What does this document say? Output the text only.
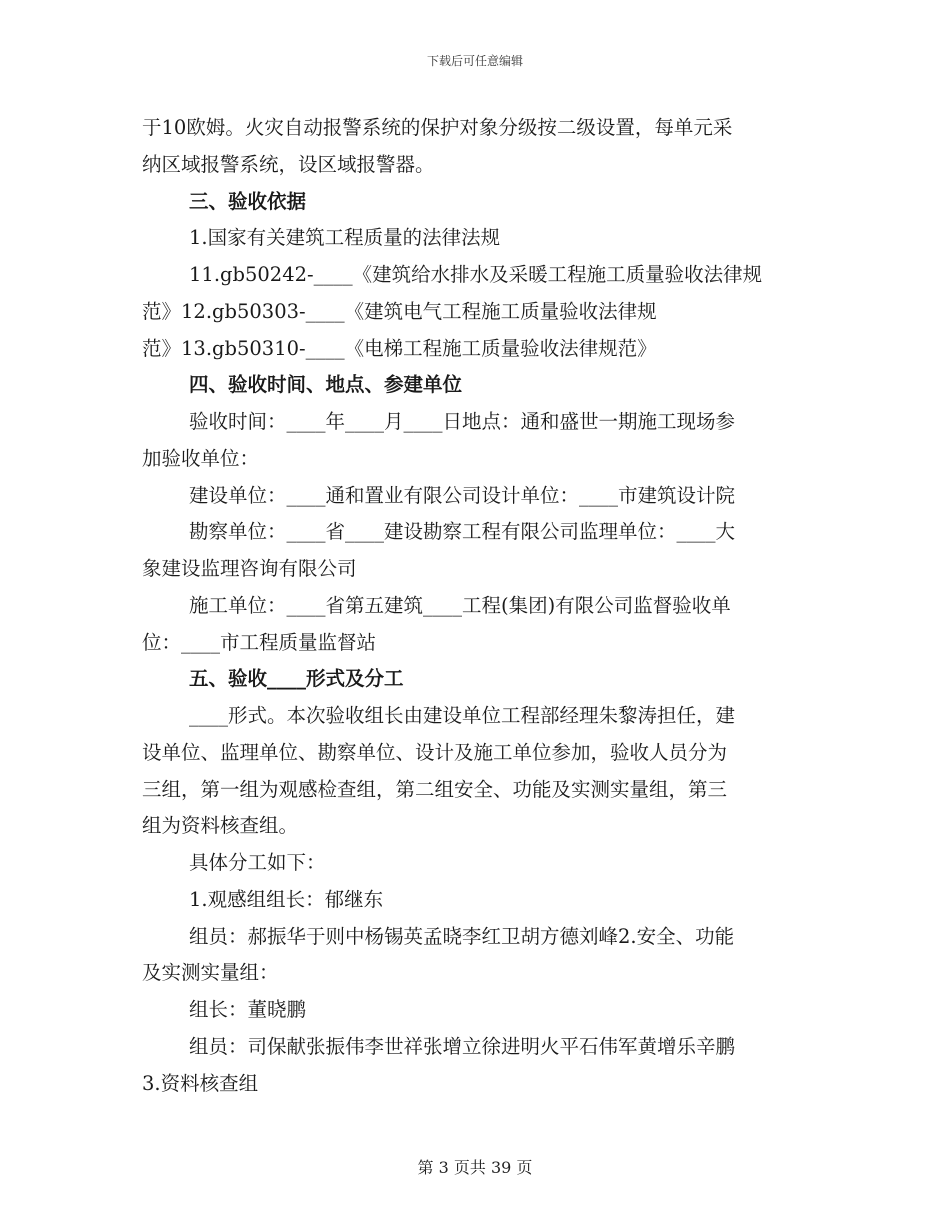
下载后可任意编辑
于10欧姆。火灾自动报警系统的保护对象分级按二级设置，每单元采
纳区域报警系统，设区域报警器。
三、验收依据
1.国家有关建筑工程质量的法律法规
11.gb50242-____《建筑给水排水及采暖工程施工质量验收法律规
范》12.gb50303-____《建筑电气工程施工质量验收法律规
范》13.gb50310-____《电梯工程施工质量验收法律规范》
四、验收时间、地点、参建单位
验收时间：____年____月____日地点：通和盛世一期施工现场参
加验收单位：
建设单位：____通和置业有限公司设计单位：____市建筑设计院
勘察单位：____省____建设勘察工程有限公司监理单位：____大
象建设监理咨询有限公司
施工单位：____省第五建筑____工程(集团)有限公司监督验收单
位：____市工程质量监督站
五、验收____形式及分工
____形式。本次验收组长由建设单位工程部经理朱黎涛担任，建
设单位、监理单位、勘察单位、设计及施工单位参加，验收人员分为
三组，第一组为观感检查组，第二组安全、功能及实测实量组，第三
组为资料核查组。
具体分工如下：
1.观感组组长：郁继东
组员：郝振华于则中杨锡英孟晓李红卫胡方德刘峰2.安全、功能
及实测实量组：
组长：董晓鹏
组员：司保献张振伟李世祥张增立徐进明火平石伟军黄增乐辛鹏
3.资料核查组
第 3 页共 39 页
